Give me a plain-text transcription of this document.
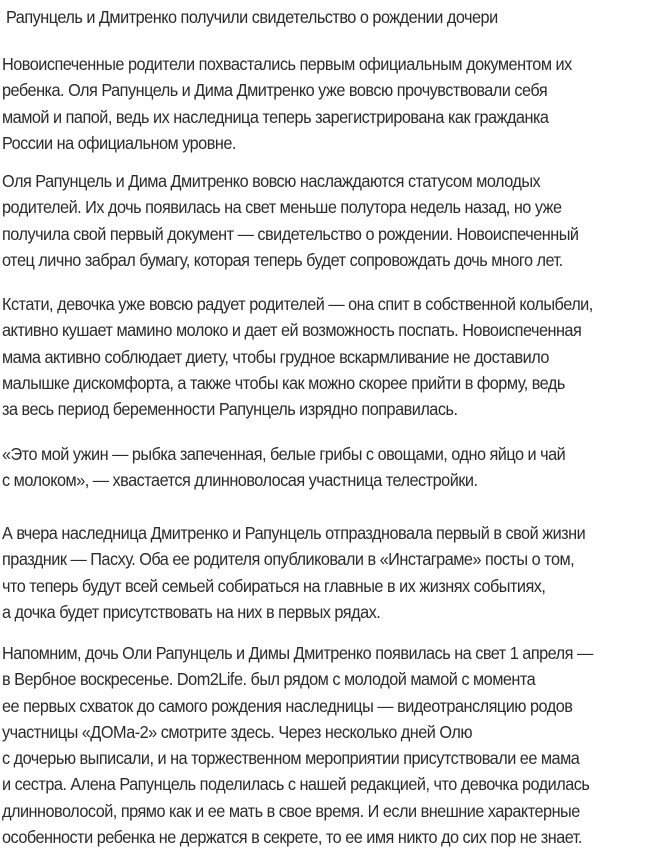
Рапунцель и Дмитренко получили свидетельство о рождении дочери
Новоиспеченные родители похвастались первым официальным документом их
ребенка. Оля Рапунцель и Дима Дмитренко уже вовсю прочувствовали себя
мамой и папой, ведь их наследница теперь зарегистрирована как гражданка
России на официальном уровне.
Оля Рапунцель и Дима Дмитренко вовсю наслаждаются статусом молодых
родителей. Их дочь появилась на свет меньше полутора недель назад, но уже
получила свой первый документ — свидетельство о рождении. Новоиспеченный
отец лично забрал бумагу, которая теперь будет сопровождать дочь много лет.
Кстати, девочка уже вовсю радует родителей — она спит в собственной колыбели,
активно кушает мамино молоко и дает ей возможность поспать. Новоиспеченная
мама активно соблюдает диету, чтобы грудное вскармливание не доставило
малышке дискомфорта, а также чтобы как можно скорее прийти в форму, ведь
за весь период беременности Рапунцель изрядно поправилась.
«Это мой ужин — рыбка запеченная, белые грибы с овощами, одно яйцо и чай
с молоком», — хвастается длинноволосая участница телестройки.
А вчера наследница Дмитренко и Рапунцель отпраздновала первый в свой жизни
праздник — Пасху. Оба ее родителя опубликовали в «Инстаграме» посты о том,
что теперь будут всей семьей собираться на главные в их жизнях событиях,
а дочка будет присутствовать на них в первых рядах.
Напомним, дочь Оли Рапунцель и Димы Дмитренко появилась на свет 1 апреля —
в Вербное воскресенье. Dom2Life. был рядом с молодой мамой с момента
ее первых схваток до самого рождения наследницы — видеотрансляцию родов
участницы «ДОМа-2» смотрите здесь. Через несколько дней Олю
с дочерью выписали, и на торжественном мероприятии присутствовали ее мама
и сестра. Алена Рапунцель поделилась с нашей редакцией, что девочка родилась
длинноволосой, прямо как и ее мать в свое время. И если внешние характерные
особенности ребенка не держатся в секрете, то ее имя никто до сих пор не знает.
